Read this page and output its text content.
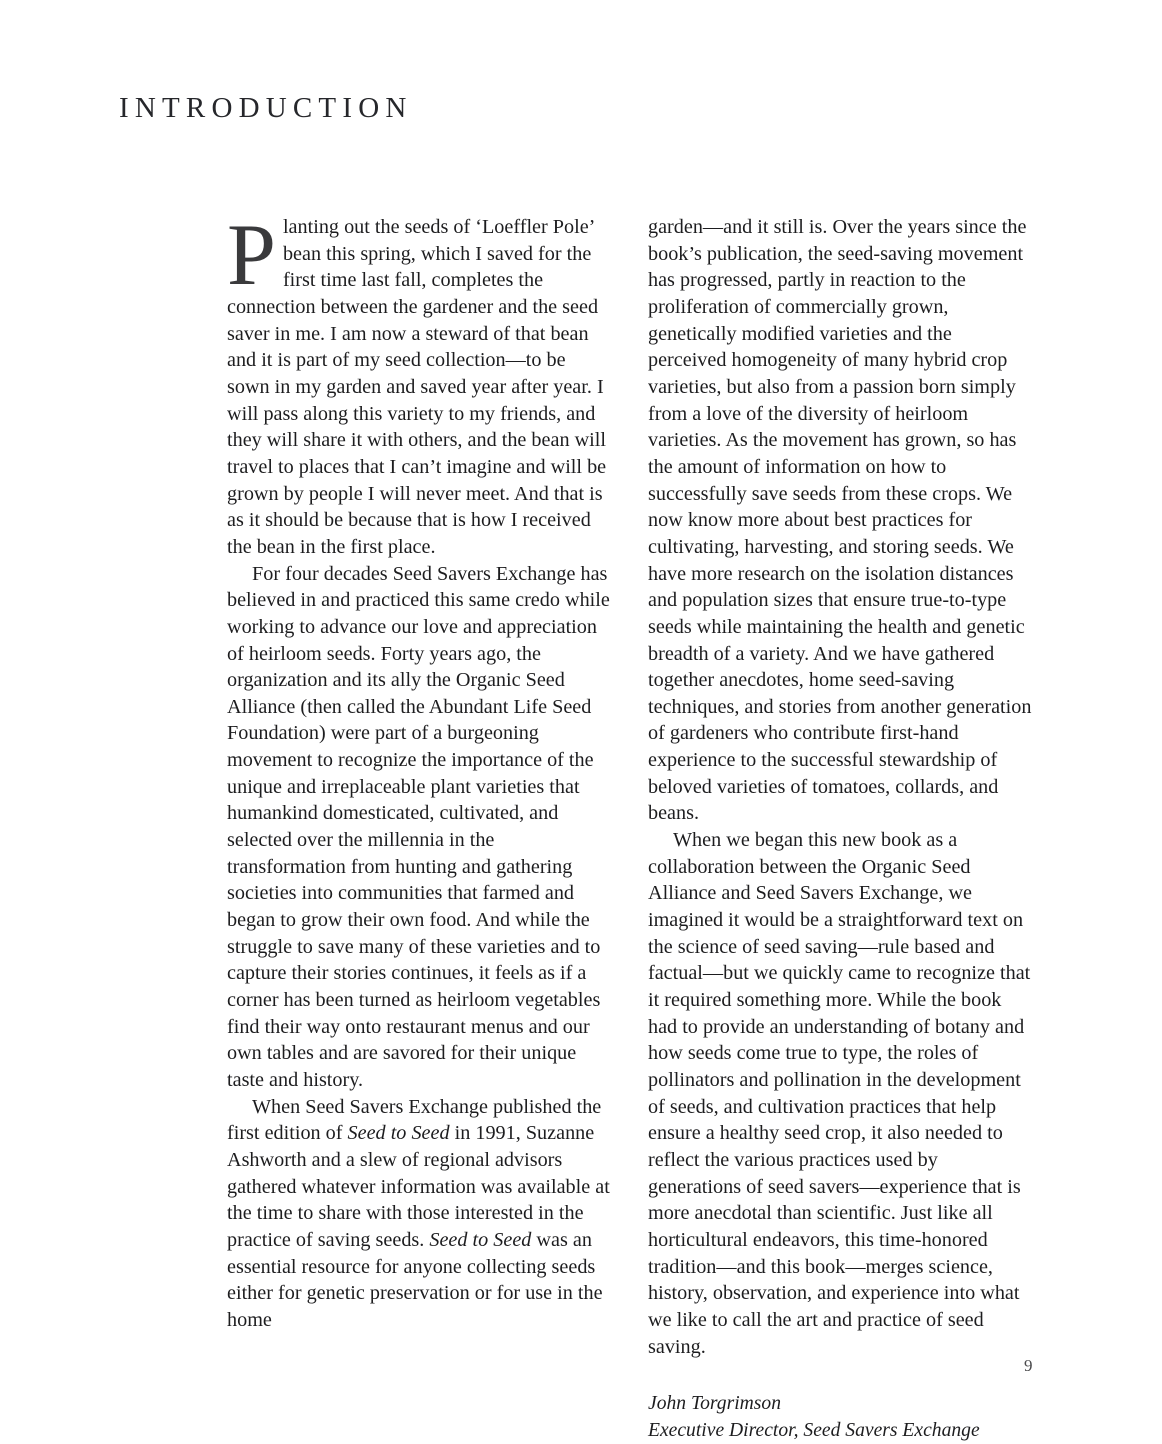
INTRODUCTION

Planting out the seeds of ‘Loeffler Pole’ bean this spring, which I saved for the first time last fall, completes the connection between the gardener and the seed saver in me. I am now a steward of that bean and it is part of my seed collection—to be sown in my garden and saved year after year. I will pass along this variety to my friends, and they will share it with others, and the bean will travel to places that I can’t imagine and will be grown by people I will never meet. And that is as it should be because that is how I received the bean in the first place.

For four decades Seed Savers Exchange has believed in and practiced this same credo while working to advance our love and appreciation of heirloom seeds. Forty years ago, the organization and its ally the Organic Seed Alliance (then called the Abundant Life Seed Foundation) were part of a burgeoning movement to recognize the importance of the unique and irreplaceable plant varieties that humankind domesticated, cultivated, and selected over the millennia in the transformation from hunting and gathering societies into communities that farmed and began to grow their own food. And while the struggle to save many of these varieties and to capture their stories continues, it feels as if a corner has been turned as heirloom vegetables find their way onto restaurant menus and our own tables and are savored for their unique taste and history.

When Seed Savers Exchange published the first edition of Seed to Seed in 1991, Suzanne Ashworth and a slew of regional advisors gathered whatever information was available at the time to share with those interested in the practice of saving seeds. Seed to Seed was an essential resource for anyone collecting seeds either for genetic preservation or for use in the home

garden—and it still is. Over the years since the book’s publication, the seed-saving movement has progressed, partly in reaction to the proliferation of commercially grown, genetically modified varieties and the perceived homogeneity of many hybrid crop varieties, but also from a passion born simply from a love of the diversity of heirloom varieties. As the movement has grown, so has the amount of information on how to successfully save seeds from these crops. We now know more about best practices for cultivating, harvesting, and storing seeds. We have more research on the isolation distances and population sizes that ensure true-to-type seeds while maintaining the health and genetic breadth of a variety. And we have gathered together anecdotes, home seed-saving techniques, and stories from another generation of gardeners who contribute first-hand experience to the successful stewardship of beloved varieties of tomatoes, collards, and beans.

When we began this new book as a collaboration between the Organic Seed Alliance and Seed Savers Exchange, we imagined it would be a straightforward text on the science of seed saving—rule based and factual—but we quickly came to recognize that it required something more. While the book had to provide an understanding of botany and how seeds come true to type, the roles of pollinators and pollination in the development of seeds, and cultivation practices that help ensure a healthy seed crop, it also needed to reflect the various practices used by generations of seed savers—experience that is more anecdotal than scientific. Just like all horticultural endeavors, this time-honored tradition—and this book—merges science, history, observation, and experience into what we like to call the art and practice of seed saving.

John Torgrimson
Executive Director, Seed Savers Exchange
9
